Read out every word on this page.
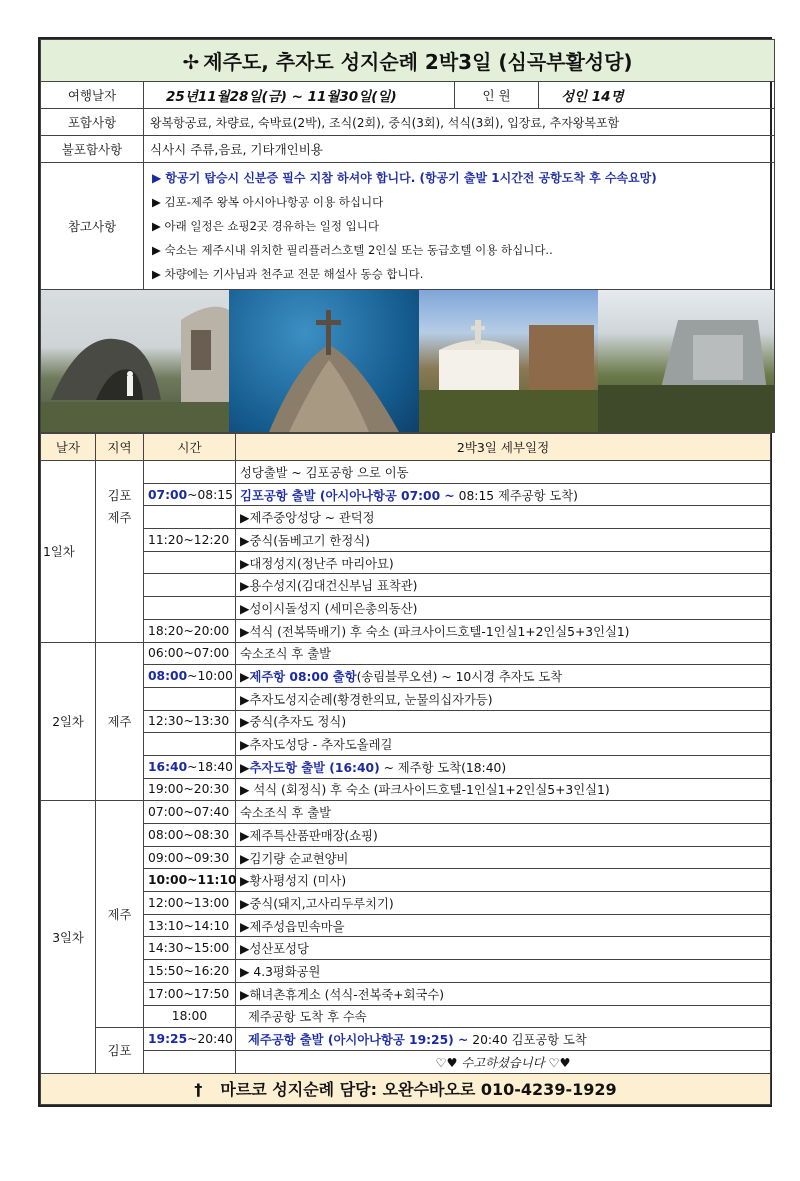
✢ 제주도, 추자도 성지순례 2박3일 (심곡부활성당)			
여행날자	25년11월28일(금) ~ 11월30일(일)	인 원	성인 14명
포함사항	왕복항공료, 차량료, 숙박료(2박), 조식(2회), 중식(3회), 석식(3회), 입장료, 추자왕복포함		
불포함사항	식사시 주류,음료, 기타개인비용		
참고사항	▶ 항공기 탑승시 신분증 필수 지참 하셔야 합니다. (항공기 출발 1시간전 공항도착 후 수속요망)
▶ 김포-제주 왕복 아시아나항공 이용 하십니다
▶ 아래 일정은 쇼핑2곳 경유하는 일정 입니다
▶ 숙소는 제주시내 위치한 필리플러스호텔 2인실 또는 동급호텔 이용 하십니다..
▶ 차량에는 기사님과 천주교 전문 해설사 동승 합니다.		

날자	지역	시간	2박3일 세부일정
1일차			성당출발 ~ 김포공항 으로 이동
	김포	07:00~08:15	김포공항 출발 (아시아나항공 07:00 ~ 08:15 제주공항 도착)
	제주		▶제주중앙성당 ~ 관덕정
		11:20~12:20	▶중식(돔베고기 한정식)
			▶대정성지(정난주 마리아묘)
			▶용수성지(김대건신부님 표착관)
			▶성이시돌성지 (세미은총의동산)
		18:20~20:00	▶석식 (전복뚝배기) 후 숙소 (파크사이드호텔-1인실1+2인실5+3인실1)
2일차	제주	06:00~07:00	숙소조식 후 출발
		08:00~10:00	▶제주항 08:00 출항(송림블루오션) ~ 10시경 추자도 도착
			▶추자도성지순례(황경한의묘, 눈물의십자가등)
		12:30~13:30	▶중식(추자도 정식)
			▶추자도성당 - 추자도올레길
		16:40~18:40	▶추자도항 출발 (16:40) ~ 제주항 도착(18:40)
		19:00~20:30	▶ 석식 (회정식) 후 숙소 (파크사이드호텔-1인실1+2인실5+3인실1)
3일차	제주	07:00~07:40	숙소조식 후 출발
		08:00~08:30	▶제주특산품판매장(쇼핑)
		09:00~09:30	▶김기량 순교현양비
		10:00~11:10	▶황사평성지 (미사)
		12:00~13:00	▶중식(돼지,고사리두루치기)
		13:10~14:10	▶제주성읍민속마을
		14:30~15:00	▶성산포성당
		15:50~16:20	▶ 4.3평화공원
		17:00~17:50	▶해녀촌휴게소 (석식-전복죽+회국수)
		18:00	제주공항 도착 후 수속
	김포	19:25~20:40	제주공항 출발 (아시아나항공 19:25) ~ 20:40 김포공항 도착
			♡♥ 수고하셨습니다 ♡♥
† 마르코 성지순례 담당: 오완수바오로 010-4239-1929			
